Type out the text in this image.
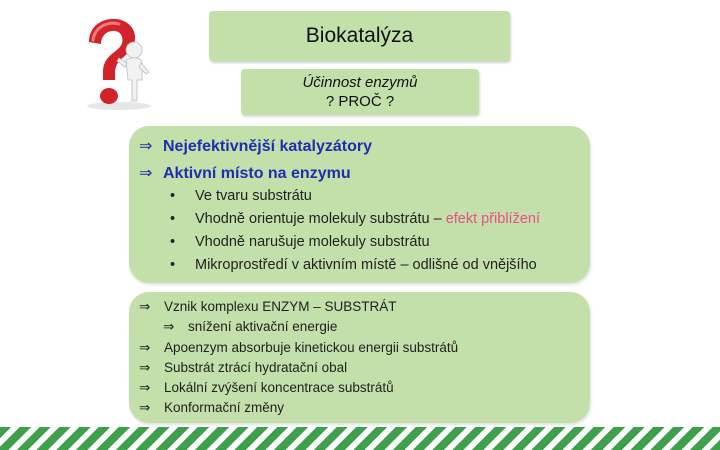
Biokatalýza
Účinnost enzymů
? PROČ ?
⇒ Nejefektivnější katalyzátory
⇒ Aktivní místo na enzymu
• Ve tvaru substrátu
• Vhodně orientuje molekuly substrátu – efekt přiblížení
• Vhodně narušuje molekuly substrátu
• Mikroprostředí v aktivním místě – odlišné od vnějšího
⇒ Vznik komplexu ENZYM – SUBSTRÁT
⇒ snížení aktivační energie
⇒ Apoenzym absorbuje kinetickou energii substrátů
⇒ Substrát ztrácí hydratační obal
⇒ Lokální zvýšení koncentrace substrátů
⇒ Konformační změny
